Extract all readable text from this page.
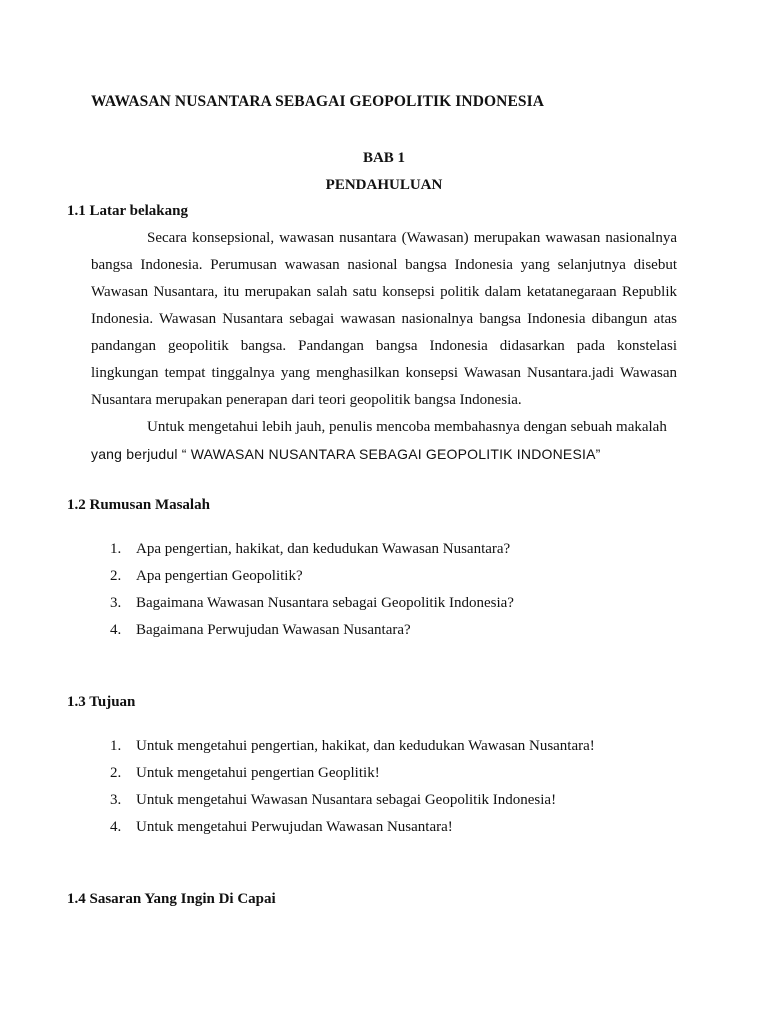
WAWASAN NUSANTARA SEBAGAI GEOPOLITIK INDONESIA
BAB 1
PENDAHULUAN
1.1 Latar belakang

Secara konsepsional, wawasan nusantara (Wawasan) merupakan wawasan nasionalnya bangsa Indonesia. Perumusan wawasan nasional bangsa Indonesia yang selanjutnya disebut Wawasan Nusantara, itu merupakan salah satu konsepsi politik dalam ketatanegaraan Republik Indonesia. Wawasan Nusantara sebagai wawasan nasionalnya bangsa Indonesia dibangun atas pandangan geopolitik bangsa. Pandangan bangsa Indonesia didasarkan pada konstelasi lingkungan tempat tinggalnya yang menghasilkan konsepsi Wawasan Nusantara.jadi Wawasan Nusantara merupakan penerapan dari teori geopolitik bangsa Indonesia.

Untuk mengetahui lebih jauh, penulis mencoba membahasnya dengan sebuah makalah

yang berjudul “ WAWASAN NUSANTARA SEBAGAI GEOPOLITIK INDONESIA”

1.2 Rumusan Masalah
1. Apa pengertian, hakikat, dan kedudukan Wawasan Nusantara?
2. Apa pengertian Geopolitik?
3. Bagaimana Wawasan Nusantara sebagai Geopolitik Indonesia?
4. Bagaimana Perwujudan Wawasan Nusantara?
1.3 Tujuan
1. Untuk mengetahui pengertian, hakikat, dan kedudukan Wawasan Nusantara!
2. Untuk mengetahui pengertian Geoplitik!
3. Untuk mengetahui Wawasan Nusantara sebagai Geopolitik Indonesia!
4. Untuk mengetahui Perwujudan Wawasan Nusantara!
1.4 Sasaran Yang Ingin Di Capai
